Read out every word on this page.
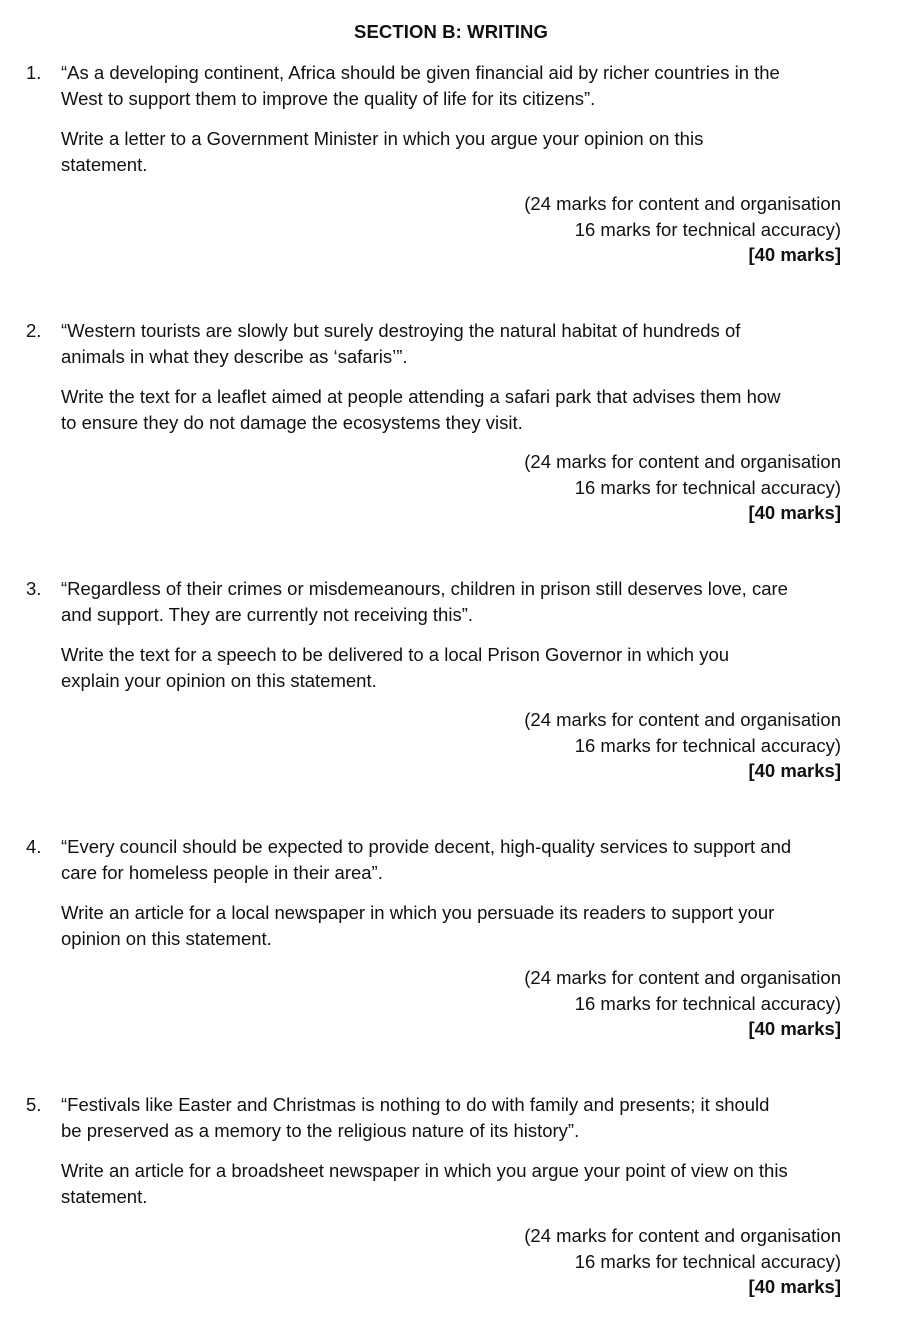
SECTION B: WRITING
1.	“As a developing continent, Africa should be given financial aid by richer countries in the
West to support them to improve the quality of life for its citizens”.
Write a letter to a Government Minister in which you argue your opinion on this
statement.
(24 marks for content and organisation
16 marks for technical accuracy)
[40 marks]
2.	“Western tourists are slowly but surely destroying the natural habitat of hundreds of
animals in what they describe as ‘safaris’”.
Write the text for a leaflet aimed at people attending a safari park that advises them how
to ensure they do not damage the ecosystems they visit.
(24 marks for content and organisation
16 marks for technical accuracy)
[40 marks]
3.	“Regardless of their crimes or misdemeanours, children in prison still deserves love, care
and support. They are currently not receiving this”.
Write the text for a speech to be delivered to a local Prison Governor in which you
explain your opinion on this statement.
(24 marks for content and organisation
16 marks for technical accuracy)
[40 marks]
4.	“Every council should be expected to provide decent, high-quality services to support and
care for homeless people in their area”.
Write an article for a local newspaper in which you persuade its readers to support your
opinion on this statement.
(24 marks for content and organisation
16 marks for technical accuracy)
[40 marks]
5.	“Festivals like Easter and Christmas is nothing to do with family and presents; it should
be preserved as a memory to the religious nature of its history”.
Write an article for a broadsheet newspaper in which you argue your point of view on this
statement.
(24 marks for content and organisation
16 marks for technical accuracy)
[40 marks]
